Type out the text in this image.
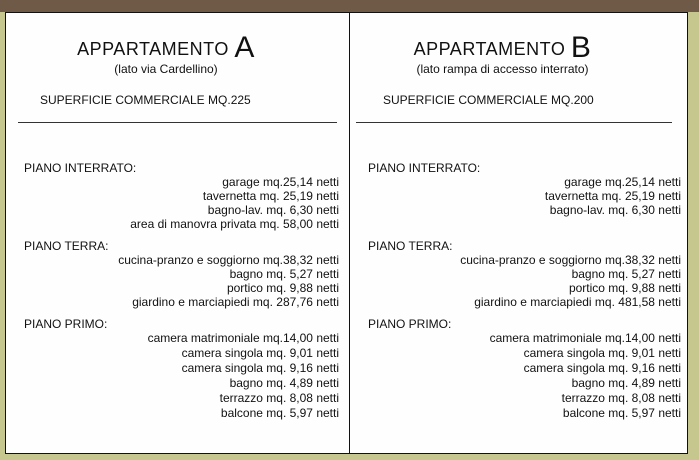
APPARTAMENTO A
(lato via Cardellino)
SUPERFICIE COMMERCIALE MQ.225
PIANO INTERRATO:
garage mq.25,14 netti
tavernetta mq. 25,19 netti
bagno-lav. mq. 6,30 netti
area di manovra privata mq. 58,00 netti
PIANO TERRA:
cucina-pranzo e soggiorno mq.38,32 netti
bagno mq. 5,27 netti
portico mq. 9,88 netti
giardino e marciapiedi mq. 287,76 netti
PIANO PRIMO:
camera matrimoniale mq.14,00 netti
camera singola mq. 9,01 netti
camera singola mq. 9,16 netti
bagno mq. 4,89 netti
terrazzo mq. 8,08 netti
balcone mq. 5,97 netti
APPARTAMENTO B
(lato rampa di accesso interrato)
SUPERFICIE COMMERCIALE MQ.200
PIANO INTERRATO:
garage mq.25,14 netti
tavernetta mq. 25,19 netti
bagno-lav. mq. 6,30 netti
PIANO TERRA:
cucina-pranzo e soggiorno mq.38,32 netti
bagno mq. 5,27 netti
portico mq. 9,88 netti
giardino e marciapiedi mq. 481,58 netti
PIANO PRIMO:
camera matrimoniale mq.14,00 netti
camera singola mq. 9,01 netti
camera singola mq. 9,16 netti
bagno mq. 4,89 netti
terrazzo mq. 8,08 netti
balcone mq. 5,97 netti
